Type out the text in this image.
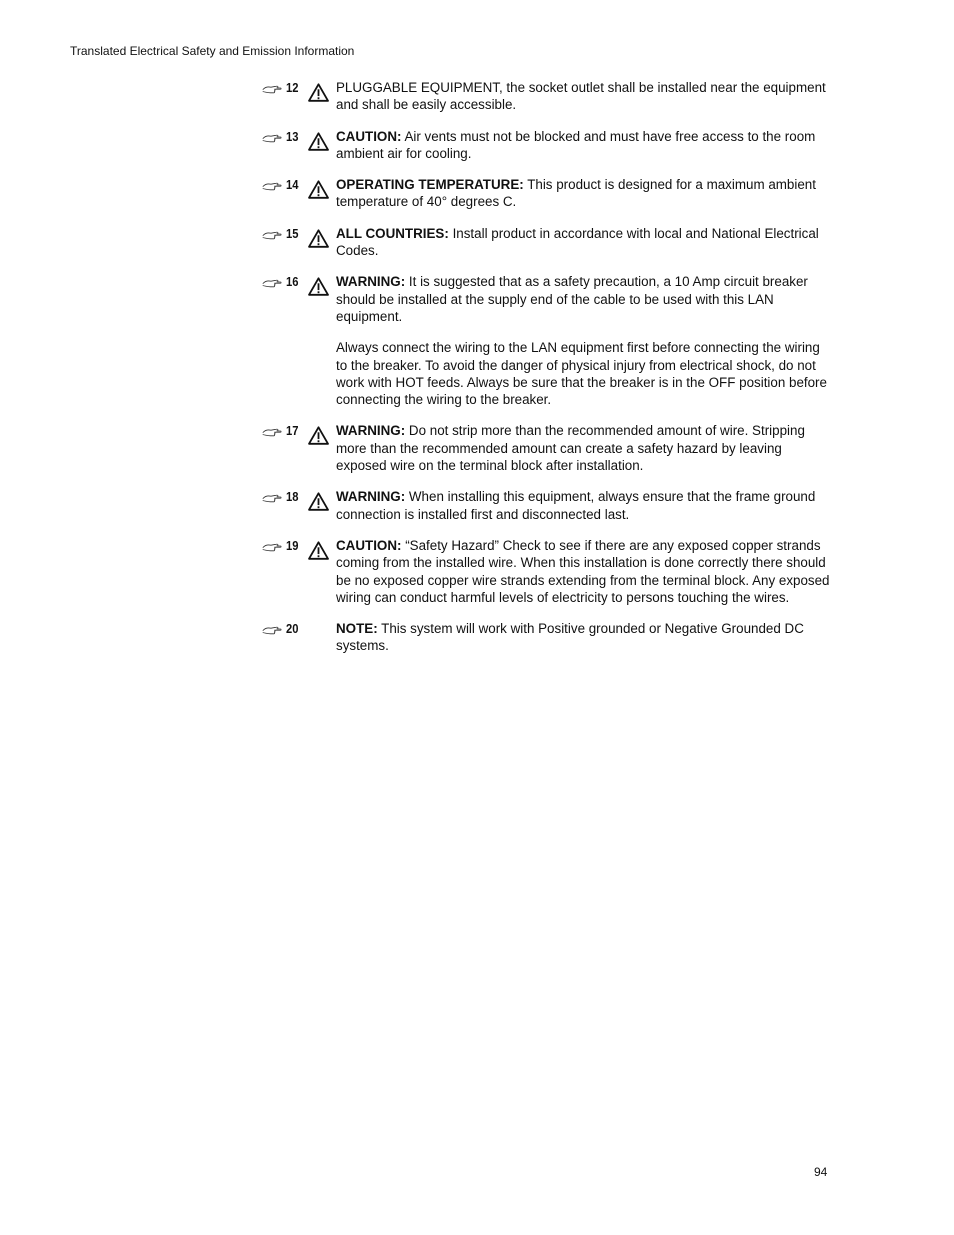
Translated Electrical Safety and Emission Information
12	PLUGGABLE EQUIPMENT, the socket outlet shall be installed near the equipment and shall be easily accessible.

13	CAUTION: Air vents must not be blocked and must have free access to the room ambient air for cooling.

14	OPERATING TEMPERATURE: This product is designed for a maximum ambient temperature of 40° degrees C.

15	ALL COUNTRIES: Install product in accordance with local and National Electrical Codes.

16	WARNING: It is suggested that as a safety precaution, a 10 Amp circuit breaker should be installed at the supply end of the cable to be used with this LAN equipment.

Always connect the wiring to the LAN equipment first before connecting the wiring to the breaker. To avoid the danger of physical injury from electrical shock, do not work with HOT feeds. Always be sure that the breaker is in the OFF position before connecting the wiring to the breaker.

17	WARNING: Do not strip more than the recommended amount of wire. Stripping more than the recommended amount can create a safety hazard by leaving exposed wire on the terminal block after installation.

18	WARNING: When installing this equipment, always ensure that the frame ground connection is installed first and disconnected last.

19	CAUTION: “Safety Hazard” Check to see if there are any exposed copper strands coming from the installed wire. When this installation is done correctly there should be no exposed copper wire strands extending from the terminal block. Any exposed wiring can conduct harmful levels of electricity to persons touching the wires.

20	NOTE: This system will work with Positive grounded or Negative Grounded DC systems.

94
